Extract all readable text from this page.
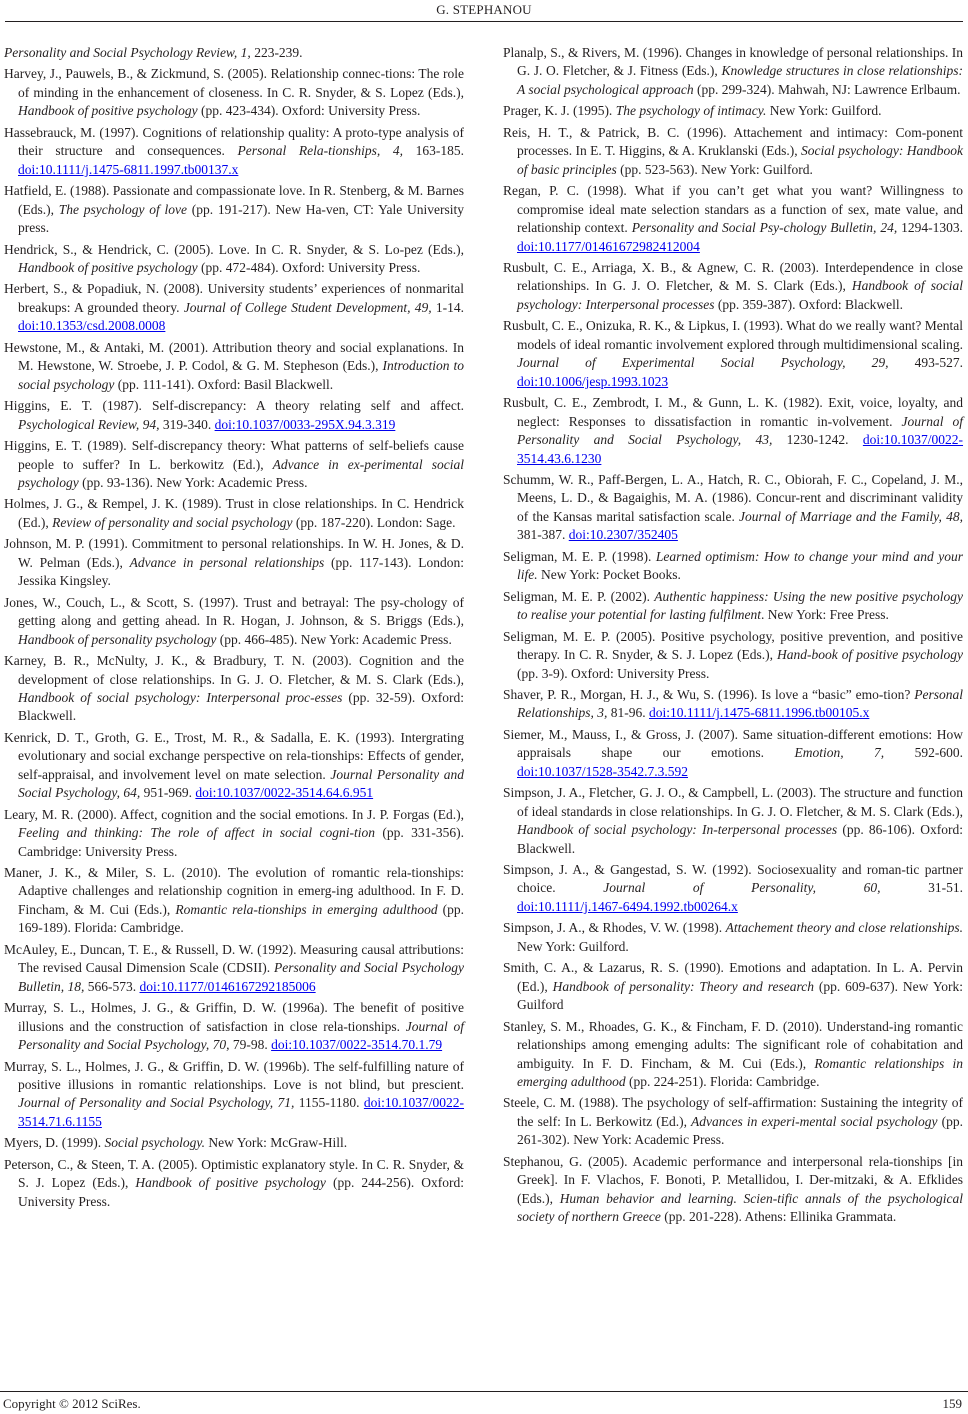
G. STEPHANOU

Personality and Social Psychology Review, 1, 223-239.

Harvey, J., Pauwels, B., & Zickmund, S. (2005). Relationship connec-tions: The role of minding in the enhancement of closeness. In C. R. Snyder, & S. Lopez (Eds.), Handbook of positive psychology (pp. 423-434). Oxford: University Press.

Hassebrauck, M. (1997). Cognitions of relationship quality: A proto-type analysis of their structure and consequences. Personal Rela-tionships, 4, 163-185. doi:10.1111/j.1475-6811.1997.tb00137.x

Hatfield, E. (1988). Passionate and compassionate love. In R. Stenberg, & M. Barnes (Eds.), The psychology of love (pp. 191-217). New Ha-ven, CT: Yale University press.

Hendrick, S., & Hendrick, C. (2005). Love. In C. R. Snyder, & S. Lo-pez (Eds.), Handbook of positive psychology (pp. 472-484). Oxford: University Press.

Herbert, S., & Popadiuk, N. (2008). University students’ experiences of nonmarital breakups: A grounded theory. Journal of College Student Development, 49, 1-14. doi:10.1353/csd.2008.0008

Hewstone, M., & Antaki, M. (2001). Attribution theory and social explanations. In M. Hewstone, W. Stroebe, J. P. Codol, & G. M. Stepheson (Eds.), Introduction to social psychology (pp. 111-141). Oxford: Basil Blackwell.

Higgins, E. T. (1987). Self-discrepancy: A theory relating self and affect. Psychological Review, 94, 319-340. doi:10.1037/0033-295X.94.3.319

Higgins, E. T. (1989). Self-discrepancy theory: What patterns of self-beliefs cause people to suffer? In L. berkowitz (Ed.), Advance in ex-perimental social psychology (pp. 93-136). New York: Academic Press.

Holmes, J. G., & Rempel, J. K. (1989). Trust in close relationships. In C. Hendrick (Ed.), Review of personality and social psychology (pp. 187-220). London: Sage.

Johnson, M. P. (1991). Commitment to personal relationships. In W. H. Jones, & D. W. Pelman (Eds.), Advance in personal relationships (pp. 117-143). London: Jessika Kingsley.

Jones, W., Couch, L., & Scott, S. (1997). Trust and betrayal: The psy-chology of getting along and getting ahead. In R. Hogan, J. Johnson, & S. Briggs (Eds.), Handbook of personality psychology (pp. 466-485). New York: Academic Press.

Karney, B. R., McNulty, J. K., & Bradbury, T. N. (2003). Cognition and the development of close relationships. In G. J. O. Fletcher, & M. S. Clark (Eds.), Handbook of social psychology: Interpersonal proc-esses (pp. 32-59). Oxford: Blackwell.

Kenrick, D. T., Groth, G. E., Trost, M. R., & Sadalla, E. K. (1993). Intergrating evolutionary and social exchange perspective on rela-tionships: Effects of gender, self-appraisal, and involvement level on mate selection. Journal Personality and Social Psychology, 64, 951-969. doi:10.1037/0022-3514.64.6.951

Leary, M. R. (2000). Affect, cognition and the social emotions. In J. P. Forgas (Ed.), Feeling and thinking: The role of affect in social cogni-tion (pp. 331-356). Cambridge: University Press.

Maner, J. K., & Miler, S. L. (2010). The evolution of romantic rela-tionships: Adaptive challenges and relationship cognition in emerg-ing adulthood. In F. D. Fincham, & M. Cui (Eds.), Romantic rela-tionships in emerging adulthood (pp. 169-189). Florida: Cambridge.

McAuley, E., Duncan, T. E., & Russell, D. W. (1992). Measuring causal attributions: The revised Causal Dimension Scale (CDSII). Personality and Social Psychology Bulletin, 18, 566-573. doi:10.1177/0146167292185006

Murray, S. L., Holmes, J. G., & Griffin, D. W. (1996a). The benefit of positive illusions and the construction of satisfaction in close rela-tionships. Journal of Personality and Social Psychology, 70, 79-98. doi:10.1037/0022-3514.70.1.79

Murray, S. L., Holmes, J. G., & Griffin, D. W. (1996b). The self-fulfilling nature of positive illusions in romantic relationships. Love is not blind, but prescient. Journal of Personality and Social Psychology, 71, 1155-1180. doi:10.1037/0022-3514.71.6.1155

Myers, D. (1999). Social psychology. New York: McGraw-Hill.

Peterson, C., & Steen, T. A. (2005). Optimistic explanatory style. In C. R. Snyder, & S. J. Lopez (Eds.), Handbook of positive psychology (pp. 244-256). Oxford: University Press.

Planalp, S., & Rivers, M. (1996). Changes in knowledge of personal relationships. In G. J. O. Fletcher, & J. Fitness (Eds.), Knowledge structures in close relationships: A social psychological approach (pp. 299-324). Mahwah, NJ: Lawrence Erlbaum.

Prager, K. J. (1995). The psychology of intimacy. New York: Guilford.

Reis, H. T., & Patrick, B. C. (1996). Attachement and intimacy: Com-ponent processes. In E. T. Higgins, & A. Kruklanski (Eds.), Social psychology: Handbook of basic principles (pp. 523-563). New York: Guilford.

Regan, P. C. (1998). What if you can’t get what you want? Willingness to compromise ideal mate selection standars as a function of sex, mate value, and relationship context. Personality and Social Psy-chology Bulletin, 24, 1294-1303. doi:10.1177/01461672982412004

Rusbult, C. E., Arriaga, X. B., & Agnew, C. R. (2003). Interdependence in close relationships. In G. J. O. Fletcher, & M. S. Clark (Eds.), Handbook of social psychology: Interpersonal processes (pp. 359-387). Oxford: Blackwell.

Rusbult, C. E., Onizuka, R. K., & Lipkus, I. (1993). What do we really want? Mental models of ideal romantic involvement explored through multidimensional scaling. Journal of Experimental Social Psychology, 29, 493-527. doi:10.1006/jesp.1993.1023

Rusbult, C. E., Zembrodt, I. M., & Gunn, L. K. (1982). Exit, voice, loyalty, and neglect: Responses to dissatisfaction in romantic in-volvement. Journal of Personality and Social Psychology, 43, 1230-1242. doi:10.1037/0022-3514.43.6.1230

Schumm, W. R., Paff-Bergen, L. A., Hatch, R. C., Obiorah, F. C., Copeland, J. M., Meens, L. D., & Bagaighis, M. A. (1986). Concur-rent and discriminant validity of the Kansas marital satisfaction scale. Journal of Marriage and the Family, 48, 381-387. doi:10.2307/352405

Seligman, M. E. P. (1998). Learned optimism: How to change your mind and your life. New York: Pocket Books.

Seligman, M. E. P. (2002). Authentic happiness: Using the new positive psychology to realise your potential for lasting fulfilment. New York: Free Press.

Seligman, M. E. P. (2005). Positive psychology, positive prevention, and positive therapy. In C. R. Snyder, & S. J. Lopez (Eds.), Hand-book of positive psychology (pp. 3-9). Oxford: University Press.

Shaver, P. R., Morgan, H. J., & Wu, S. (1996). Is love a “basic” emo-tion? Personal Relationships, 3, 81-96. doi:10.1111/j.1475-6811.1996.tb00105.x

Siemer, M., Mauss, I., & Gross, J. (2007). Same situation-different emotions: How appraisals shape our emotions. Emotion, 7, 592-600. doi:10.1037/1528-3542.7.3.592

Simpson, J. A., Fletcher, G. J. O., & Campbell, L. (2003). The structure and function of ideal standards in close relationships. In G. J. O. Fletcher, & M. S. Clark (Eds.), Handbook of social psychology: In-terpersonal processes (pp. 86-106). Oxford: Blackwell.

Simpson, J. A., & Gangestad, S. W. (1992). Sociosexuality and roman-tic partner choice. Journal of Personality, 60, 31-51. doi:10.1111/j.1467-6494.1992.tb00264.x

Simpson, J. A., & Rhodes, V. W. (1998). Attachement theory and close relationships. New York: Guilford.

Smith, C. A., & Lazarus, R. S. (1990). Emotions and adaptation. In L. A. Pervin (Ed.), Handbook of personality: Theory and research (pp. 609-637). New York: Guilford

Stanley, S. M., Rhoades, G. K., & Fincham, F. D. (2010). Understand-ing romantic relationships among emenging adults: The significant role of cohabitation and ambiguity. In F. D. Fincham, & M. Cui (Eds.), Romantic relationships in emerging adulthood (pp. 224-251). Florida: Cambridge.

Steele, C. M. (1988). The psychology of self-affirmation: Sustaining the integrity of the self: In L. Berkowitz (Ed.), Advances in experi-mental social psychology (pp. 261-302). New York: Academic Press.

Stephanou, G. (2005). Academic performance and interpersonal rela-tionships [in Greek]. In F. Vlachos, F. Bonoti, P. Metallidou, I. Der-mitzaki, & A. Efklides (Eds.), Human behavior and learning. Scien-tific annals of the psychological society of northern Greece (pp. 201-228). Athens: Ellinika Grammata.

Copyright © 2012 SciRes.	159
